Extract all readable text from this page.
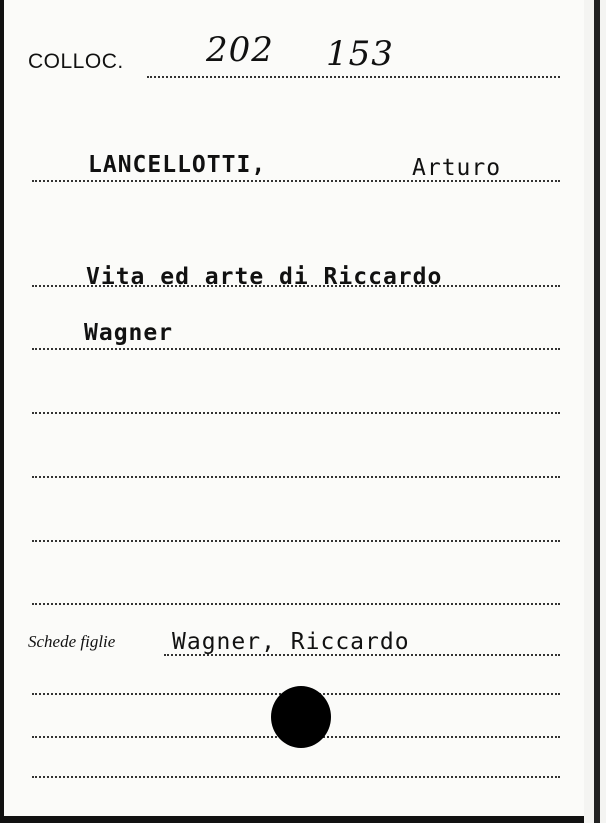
COLLOC. 202 153
LANCELLOTTI,	Arturo
Vita ed arte di Riccardo
Wagner
Schede figlie Wagner, Riccardo
